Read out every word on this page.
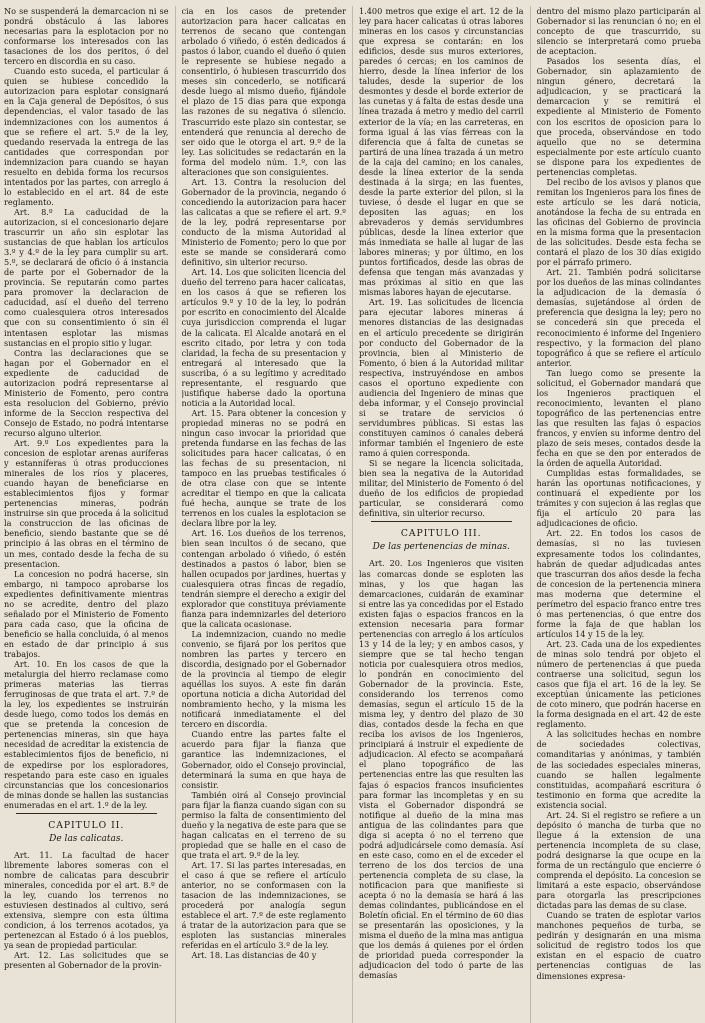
No se suspenderá la demarcacion ni se pondrá obstáculo á las labores necesarias para la esplotacion por no conformarse los interesados con las tasaciones de los dos peritos, ó del tercero en discordia en su caso.

Cuando esto suceda, el particular á quien se hubiese concedido la autorizacion para esplotar consignará en la Caja general de Depósitos, ó sus dependencias, el valor tasado de las indemnizaciones con los aumentos á que se refiere el art. 5.º de la ley, quedando reservada la entrega de las cantidades que correspondan por indemnizacion para cuando se hayan resuelto en debida forma los recursos intentados por las partes, con arreglo á lo establecido en el art. 84 de este reglamento.

Art. 8.º La caducidad de la autorizacion, si el concesionario dejare trascurrir un año sin esplotar las sustancias de que hablan los artículos 3.º y 4.º de la ley para cumplir su art. 5.º, se declarará de oficio ó á instancia de parte por el Gobernador de la provincia. Se reputarán como partes para promover la declaracion de caducidad, así el dueño del terreno como cualesquiera otros interesados que con su consentimiento ó sin él intentasen esplotar las mismas sustancias en el propio sitio y lugar.

Contra las declaraciones que se hagan por el Gobernador en el expediente de caducidad de autorizacion podrá representarse al Ministerio de Fomento, pero contra esta resolucion del Gobierno, prévio informe de la Seccion respectiva del Consejo de Estado, no podrá intentarse recurso alguno ulterior.

Art. 9.º Los expedientes para la concesion de esplotar arenas auríferas y estanníferas ú otras producciones minerales de los ríos y placeres, cuando hayan de beneficiarse en establecimientos fijos y formar pertenencias mineras, podrán instruirse sin que proceda á la solicitud la construccion de las oficinas de beneficio, siendo bastante que se dé principio á las obras en el término de un mes, contado desde la fecha de su presentacion.

La concesion no podrá hacerse, sin embargo, ni tampoco aprobarse los expedientes definitivamente mientras no se acredite, dentro del plazo señalado por el Ministerio de Fomento para cada caso, que la oficina de beneficio se halla concluida, ó al menos en estado de dar principio á sus trabajos.

Art. 10. En los casos de que la metalurgia del hierro reclamase como primeras materias las tierras ferruginosas de que trata el art. 7.º de la ley, los expedientes se instruirán desde luego, como todos los demás en que se pretenda la concesion de pertenencias mineras, sin que haya necesidad de acreditar la existencia de establecimientos fijos de beneficio, ni de expedirse por los esploradores, respetando para este caso en iguales circunstancias que los concesionarios de minas donde se hallen las sustancias enumeradas en el art. 1.º de la ley.

CAPITULO II.
De las calicatas.

Art. 11. La facultad de hacer libremente labores someras con el nombre de calicatas para descubrir minerales, concedida por el art. 8.º de la ley, cuando los terrenos no estuviesen destinados al cultivo, será extensiva, siempre con esta última condicion, á los terrenos acotados, ya pertenezcan al Estado ó á los pueblos, ya sean de propiedad particular.

Art. 12. Las solicitudes que se presenten al Gobernador de la provin-

cia en los casos de pretender autorizacion para hacer calicatas en terrenos de secano que contengan arbolado ó viñedo, ó estén dedicados á pastos ó labor, cuando el dueño ó quien le represente se hubiese negado a consentirlo, ó hubiesen trascurrido dos meses sin concederlo, se notificará desde luego al mismo dueño, fijándole el plazo de 15 dias para que exponga las razones de su negativa ó silencio. Trascurrido este plazo sin contestar, se entenderá que renuncia al derecho de ser oido que le otorga el art. 9.º de la ley. Las solicitudes se redactarán en la forma del modelo núm. 1.º, con las alteraciones que son consiguientes.

Art. 13. Contra la resolucion del Gobernador de la provincia, negando ó concediendo la autorizacion para hacer las calicatas a que se refiere el art. 9.º de la ley, podrá representarse por conducto de la misma Autoridad al Ministerio de Fomento; pero lo que por este se mande se considerará como definitivo, sin ulterior recurso.

Art. 14. Los que soliciten licencia del dueño del terreno para hacer calicatas, en los casos á que se refieren los artículos 9.º y 10 de la ley, lo podrán por escrito en conocimiento del Alcalde cuya jurisdiccion comprenda el lugar de la calicata. El Alcalde anotará en el escrito citado, por letra y con toda claridad, la fecha de su presentacion y entregará al interesado que la suscriba, ó a su legítimo y acreditado representante, el resguardo que justifique haberse dado la oportuna noticia a la Autoridad local.

Art. 15. Para obtener la concesion y propiedad mineras no se podrá en ningun caso invocar la prioridad que pretenda fundarse en las fechas de las solicitudes para hacer calicatas, ó en las fechas de su presentacion, ni tampoco en las pruebas testificales ó de otra clase con que se intente acreditar el tiempo en que la calicata fué hecha, aunque se trate de los terrenos en los cuales la esplotacion se declara libre por la ley.

Art. 16. Los dueños de los terrenos, bien sean incultos ó de secano, que contengan arbolado ó viñedo, ó estén destinados a pastos ó labor, bien se hallen ocupados por jardines, huertas y cualesquiera otras fincas de regadío, tendrán siempre el derecho a exigir del explorador que constituya préviamente fianza para indemnizarles del deterioro que la calicata ocasionase.

La indemnizacion, cuando no medie convenio, se fijará por los peritos que nombren las partes y tercero en discordia, designado por el Gobernador de la provincia al tiempo de elegir aquéllas los suyos. A este fin darán oportuna noticia a dicha Autoridad del nombramiento hecho, y la misma les notificará inmediatamente el del tercero en discordia.

Cuando entre las partes falte el acuerdo para fijar la fianza que garantice las indemnizaciones, el Gobernador, oido el Consejo provincial, determinará la suma en que haya de consistir.

También oirá al Consejo provincial para fijar la fianza cuando sigan con su permiso la falta de consentimiento del dueño y la negativa de este para que se hagan calicatas en el terreno de su propiedad que se halle en el caso de que trata el art. 9.º de la ley.

Art. 17. Si las partes interesadas, en el caso á que se refiere el artículo anterior, no se conformasen con la tasacion de las indemnizaciones, se procederá por analogía segun establece el art. 7.º de este reglamento á tratar de la autorizacion para que se esploten las sustancias minerales referidas en el artículo 3.º de la ley.

Art. 18. Las distancias de 40 y

1.400 metros que exige el art. 12 de la ley para hacer calicatas ú otras labores mineras en los casos y circunstancias que expresa se contarán: en los edificios, desde sus muros exteriores, paredes ó cercas; en los caminos de hierro, desde la línea inferior de los taludes, desde la superior de los desmontes y desde el borde exterior de las cunetas y á falta de estas desde una línea trazada á metro y medio del carril exterior de la vía; en las carreteras, en forma igual á las vías férreas con la diferencia que á falta de cunetas se partirá de una línea trazada á un metro de la caja del camino; en los canales, desde la línea exterior de la senda destinada á la sirga; en las fuentes, desde la parte exterior del pilon, si la tuviese, ó desde el lugar en que se depositen las aguas; en los abrevaderos y demás servidumbres públicas, desde la línea exterior que más inmediata se halle al lugar de las labores mineras; y por último, en los puntos fortificados, desde las obras de defensa que tengan más avanzadas y mas próximas al sitio en que las mismas labores hayan de ejecutarse.

Art. 19. Las solicitudes de licencia para ejecutar labores mineras á menores distancias de las designadas en el artículo precedente se dirigirán por conducto del Gobernador de la provincia, bien al Ministerio de Fomento, ó bien á la Autoridad militar respectiva, instruyéndose en ambos casos el oportuno expediente con audiencia del Ingeniero de minas que deba informar, y el Consejo provincial si se tratare de servicios ó servidumbres públicas. Si estas las constituyen caminos ó canales deberá informar también el Ingeniero de este ramo á quien corresponda.

Si se negare la licencia solicitada, bien sea la negativa de la Autoridad militar, del Ministerio de Fomento ó del dueño de los edificios de propiedad particular, se considerará como definitiva, sin ulterior recurso.

CAPITULO III.
De las pertenencias de minas.

Art. 20. Los Ingenieros que visiten las comarcas donde se esploten las minas, y los que hagan las demarcaciones, cuidarán de examinar si entre las ya concedidas por el Estado existen fajas o espacios francos en la extension necesaria para formar pertenencias con arreglo á los artículos 13 y 14 de la ley; y en ambos casos, y siempre que se tal hecho tengan noticia por cualesquiera otros medios, lo pondrán en conocimiento del Gobernador de la provincia. Este, considerando los terrenos como demasías, segun el artículo 15 de la misma ley, y dentro del plazo de 30 dias, contados desde la fecha en que reciba los avisos de los Ingenieros, principiará á instruir el expediente de adjudicacion. Al efecto se acompañará el plano topográfico de las pertenencias entre las que resulten las fajas ó espacios francos insuficientes para formar las incompletas y en su vista el Gobernador dispondrá se notifique al dueño de la mina mas antigua de las colindantes para que diga si acepta ó no el terreno que podrá adjudicársele como demasía. Así en este caso, como en el de exceder el terreno de los dos tercios de una pertenencia completa de su clase, la notificacion para que manifieste si acepta ó no la demasía se hará á las demas colindantes, publicándose en el Boletín oficial. En el término de 60 dias se presentarán las oposiciones, y la misma el dueño de la mina mas antigua que los demás á quienes por el órden de prioridad pueda corresponder la adjudicacion del todo ó parte de las demasías

dentro del mismo plazo participarán al Gobernador si las renuncian ó no; en el concepto de que trascurrido, su silencio se interpretará como prueba de aceptacion.

Pasados los sesenta días, el Gobernador, sin aplazamiento de ningun género, decretará la adjudicacion, y se practicará la demarcacion y se remitirá el expediente al Ministerio de Fomento con los escritos de oposicion para lo que proceda, observándose en todo aquello que no se determina especialmente por este artículo cuanto se dispone para los expedientes de pertenencias completas.

Del recibo de los avisos y planos que remitan los Ingenieros para los fines de este artículo se les dará noticia, anotándose la fecha de su entrada en las oficinas del Gobierno de provincia en la misma forma que la presentacion de las solicitudes. Desde esta fecha se contará el plazo de los 30 días exigido por el párrafo primero.

Art. 21. También podrá solicitarse por los dueños de las minas colindantes la adjudicacion de la demasía ó demasías, sujetándose al órden de preferencia que designa la ley; pero no se concederá sin que preceda el reconocimiento é informe del Ingeniero respectivo, y la formacion del plano topográfico á que se refiere el artículo anterior.

Tan luego como se presente la solicitud, el Gobernador mandará que los Ingenieros practiquen el reconocimiento, levanten el plano topográfico de las pertenencias entre las que resulten las fajas ó espacios francos, y envíen su informe dentro del plazo de seis meses, contados desde la fecha en que se den por enterados de la órden de aquella Autoridad.

Cumplidas estas formalidades, se harán las oportunas notificaciones, y continuará el expediente por los trámites y con sujecion á las reglas que fija el artículo 20 para las adjudicaciones de oficio.

Art. 22. En todos los casos de demasías, si no las tuviesen expresamente todos los colindantes, habrán de quedar adjudicadas antes que trascurran dos años desde la fecha de concesion de la pertenencia minera mas moderna que determine el perímetro del espacio franco entre tres ó mas pertenencias, ó que entre dos forme la faja de que hablan los artículos 14 y 15 de la ley.

Art. 23. Cada una de los expedientes de minas solo tendrá por objeto el número de pertenencias á que pueda contraerse una solicitud, segun los casos que fija el art. 16 de la ley. Se exceptúan únicamente las peticiones de coto minero, que podrán hacerse en la forma designada en el art. 42 de este reglamento.

A las solicitudes hechas en nombre de sociedades colectivas, comanditarias y anónimas, y también de las sociedades especiales mineras, cuando se hallen legalmente constituidas, acompañará escritura ó testimonio en forma que acredite la existencia social.

Art. 24. Si el registro se refiere a un depósito ó mancha de turba que no llegue á la extension de una pertenencia incompleta de su clase, podrá designarse la que ocupe en la forma de un rectángulo que encierre ó comprenda el depósito. La concesion se limitará a este espacio, observándose para otorgarla las prescripciones dictadas para las demas de su clase.

Cuando se traten de esplotar varios manchones pequeños de turba, se pedirán y designarán en una misma solicitud de registro todos los que existan en el espacio de cuatro pertenencias contiguas de las dimensiones expresa-
